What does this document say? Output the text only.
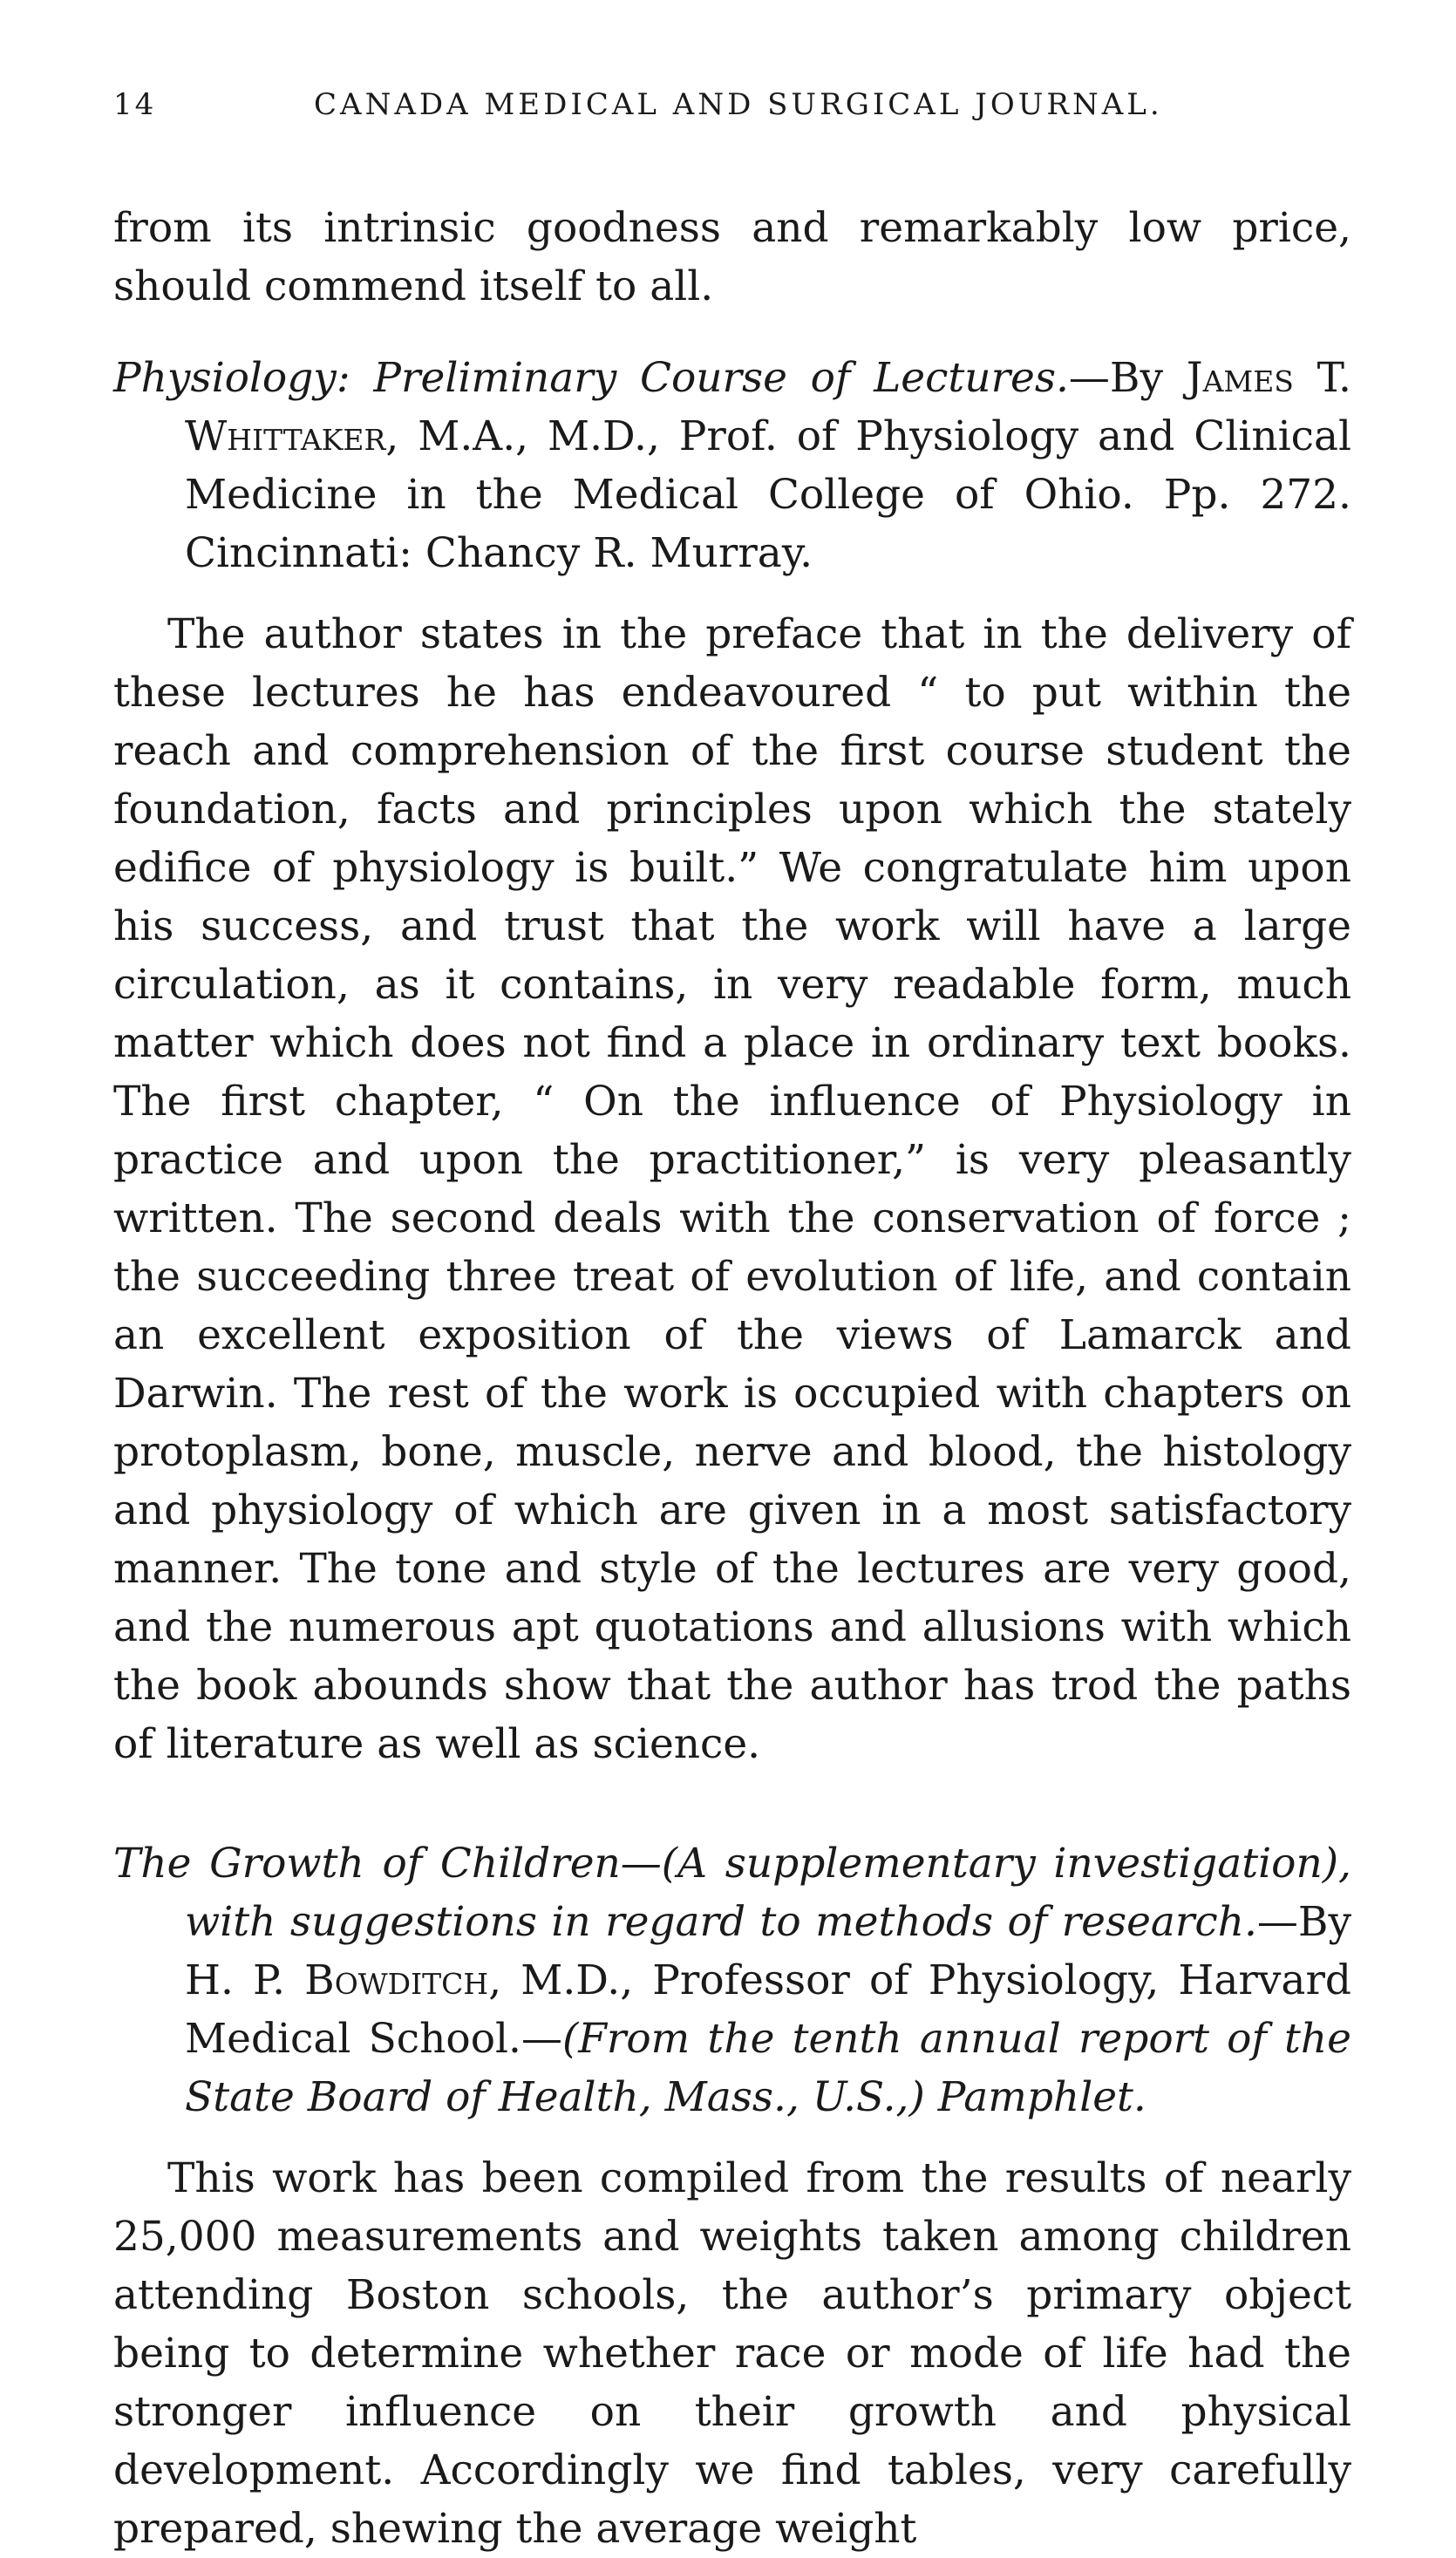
14	CANADA MEDICAL AND SURGICAL JOURNAL.

from its intrinsic goodness and remarkably low price, should commend itself to all.

Physiology: Preliminary Course of Lectures.—By James T. Whittaker, M.A., M.D., Prof. of Physiology and Clinical Medicine in the Medical College of Ohio. Pp. 272. Cincinnati: Chancy R. Murray.

The author states in the preface that in the delivery of these lectures he has endeavoured “ to put within the reach and comprehension of the first course student the foundation, facts and principles upon which the stately edifice of physiology is built.” We congratulate him upon his success, and trust that the work will have a large circulation, as it contains, in very readable form, much matter which does not find a place in ordinary text books. The first chapter, “ On the influence of Physiology in practice and upon the practitioner,” is very pleasantly written. The second deals with the conservation of force ; the succeeding three treat of evolution of life, and contain an excellent exposition of the views of Lamarck and Darwin. The rest of the work is occupied with chapters on protoplasm, bone, muscle, nerve and blood, the histology and physiology of which are given in a most satisfactory manner. The tone and style of the lectures are very good, and the numerous apt quotations and allusions with which the book abounds show that the author has trod the paths of literature as well as science.

The Growth of Children—(A supplementary investigation), with suggestions in regard to methods of research.—By H. P. Bowditch, M.D., Professor of Physiology, Harvard Medical School.—(From the tenth annual report of the State Board of Health, Mass., U.S.,) Pamphlet.

This work has been compiled from the results of nearly 25,000 measurements and weights taken among children attending Boston schools, the author’s primary object being to determine whether race or mode of life had the stronger influence on their growth and physical development. Accordingly we find tables, very carefully prepared, shewing the average weight
